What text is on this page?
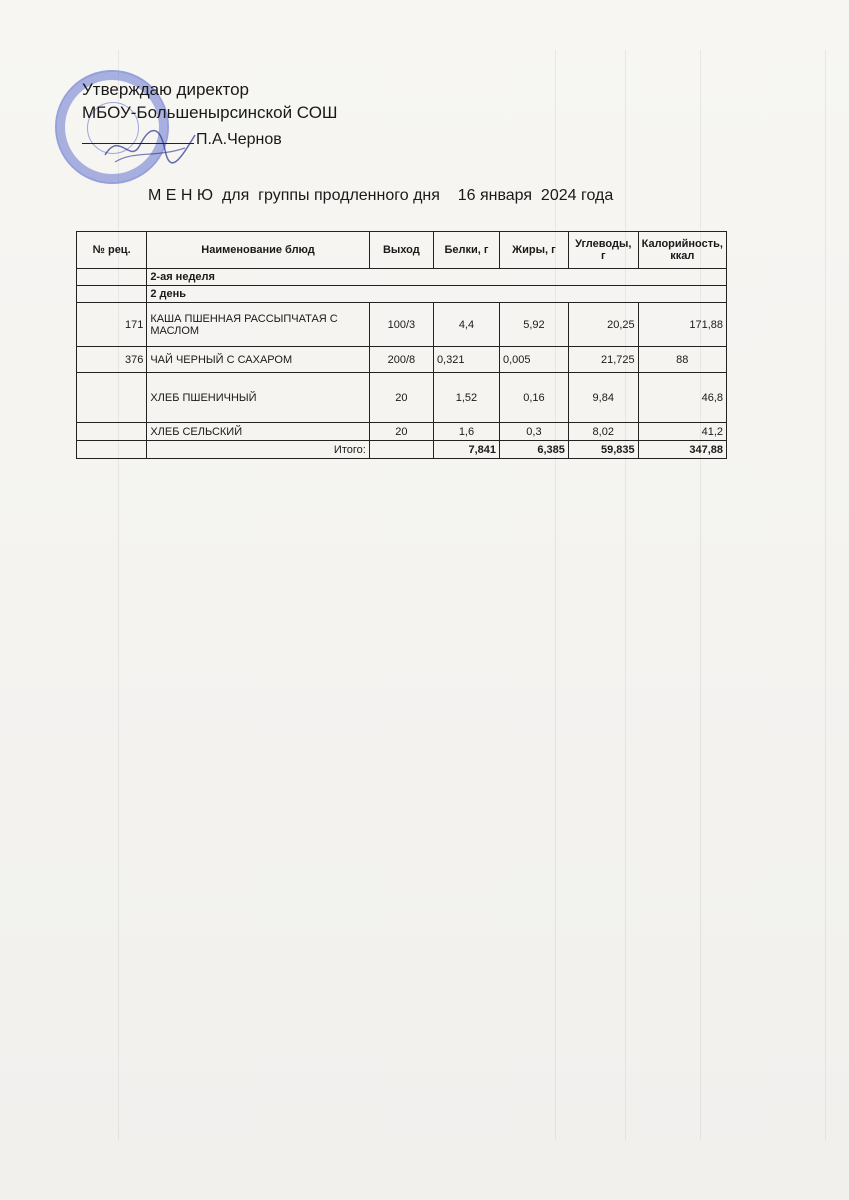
Утверждаю директор
МБОУ-Большенырсинской СОШ
П.А.Чернов
М Е Н Ю  для  группы продленного дня    16 января  2024 года
№ рец.	Наименование блюд	Выход	Белки, г	Жиры, г	Углеводы, г	Калорийность, ккал
	2-ая неделя					
	2 день					
171	КАША ПШЕННАЯ РАССЫПЧАТАЯ С МАСЛОМ	100/3	4,4	5,92	20,25	171,88
376	ЧАЙ ЧЕРНЫЙ С САХАРОМ	200/8	0,321	0,005	21,725	88
	ХЛЕБ ПШЕНИЧНЫЙ	20	1,52	0,16	9,84	46,8
	ХЛЕБ СЕЛЬСКИЙ	20	1,6	0,3	8,02	41,2
	Итого:		7,841	6,385	59,835	347,88
